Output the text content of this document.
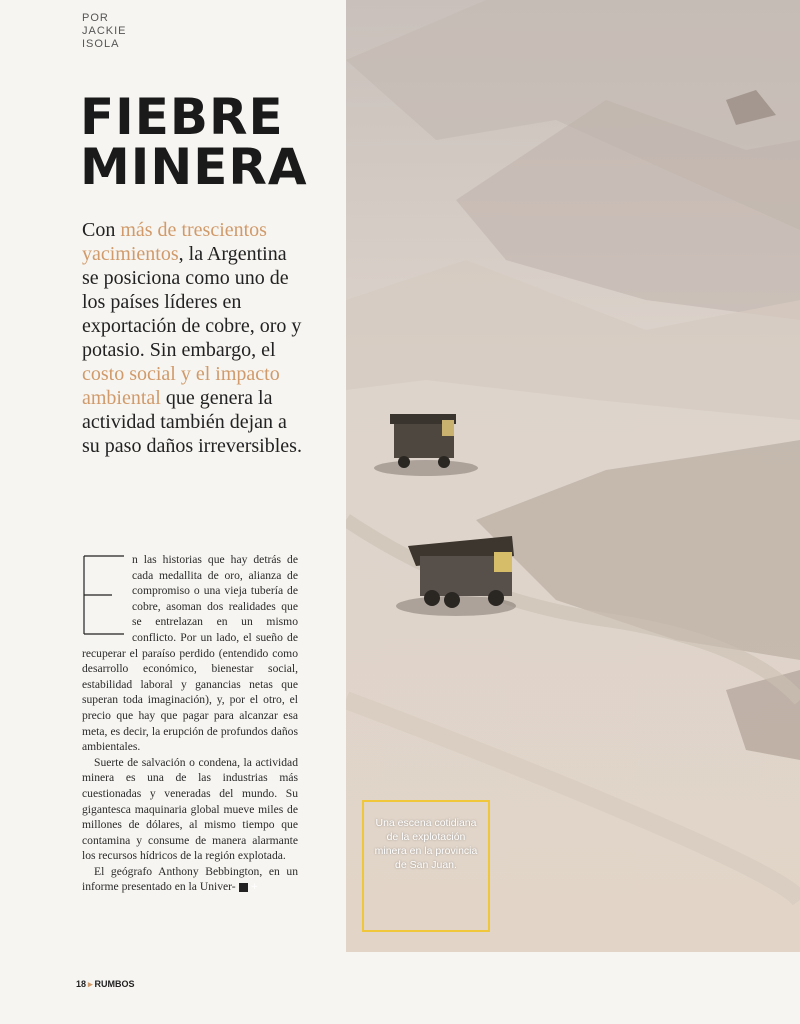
POR
JACKIE
ISOLA
FIEBRE
MINERA

Con más de trescientos yacimientos, la Argentina se posiciona como uno de los países líderes en exportación de cobre, oro y potasio. Sin embargo, el costo social y el impacto ambiental que genera la actividad también dejan a su paso daños irreversibles.

n las historias que hay detrás de cada medallita de oro, alianza de compromiso o una vieja tubería de cobre, asoman dos realidades que se entrelazan en un mismo conflicto. Por un lado, el sueño de recuperar el paraíso perdido (entendido como desarrollo económico, bienestar social, estabilidad laboral y ganancias netas que superan toda imaginación), y, por el otro, el precio que hay que pagar para alcanzar esa meta, es decir, la erupción de profundos daños ambientales.

Suerte de salvación o condena, la actividad minera es una de las industrias más cuestionadas y veneradas del mundo. Su gigantesca maquinaria global mueve miles de millones de dólares, al mismo tiempo que contamina y consume de manera alarmante los recursos hídricos de la región explotada.

El geógrafo Anthony Bebbington, en un informe presentado en la Univer- +

Una escena cotidiana de la explotación minera en la provincia de San Juan.
18 ▸ RUMBOS
